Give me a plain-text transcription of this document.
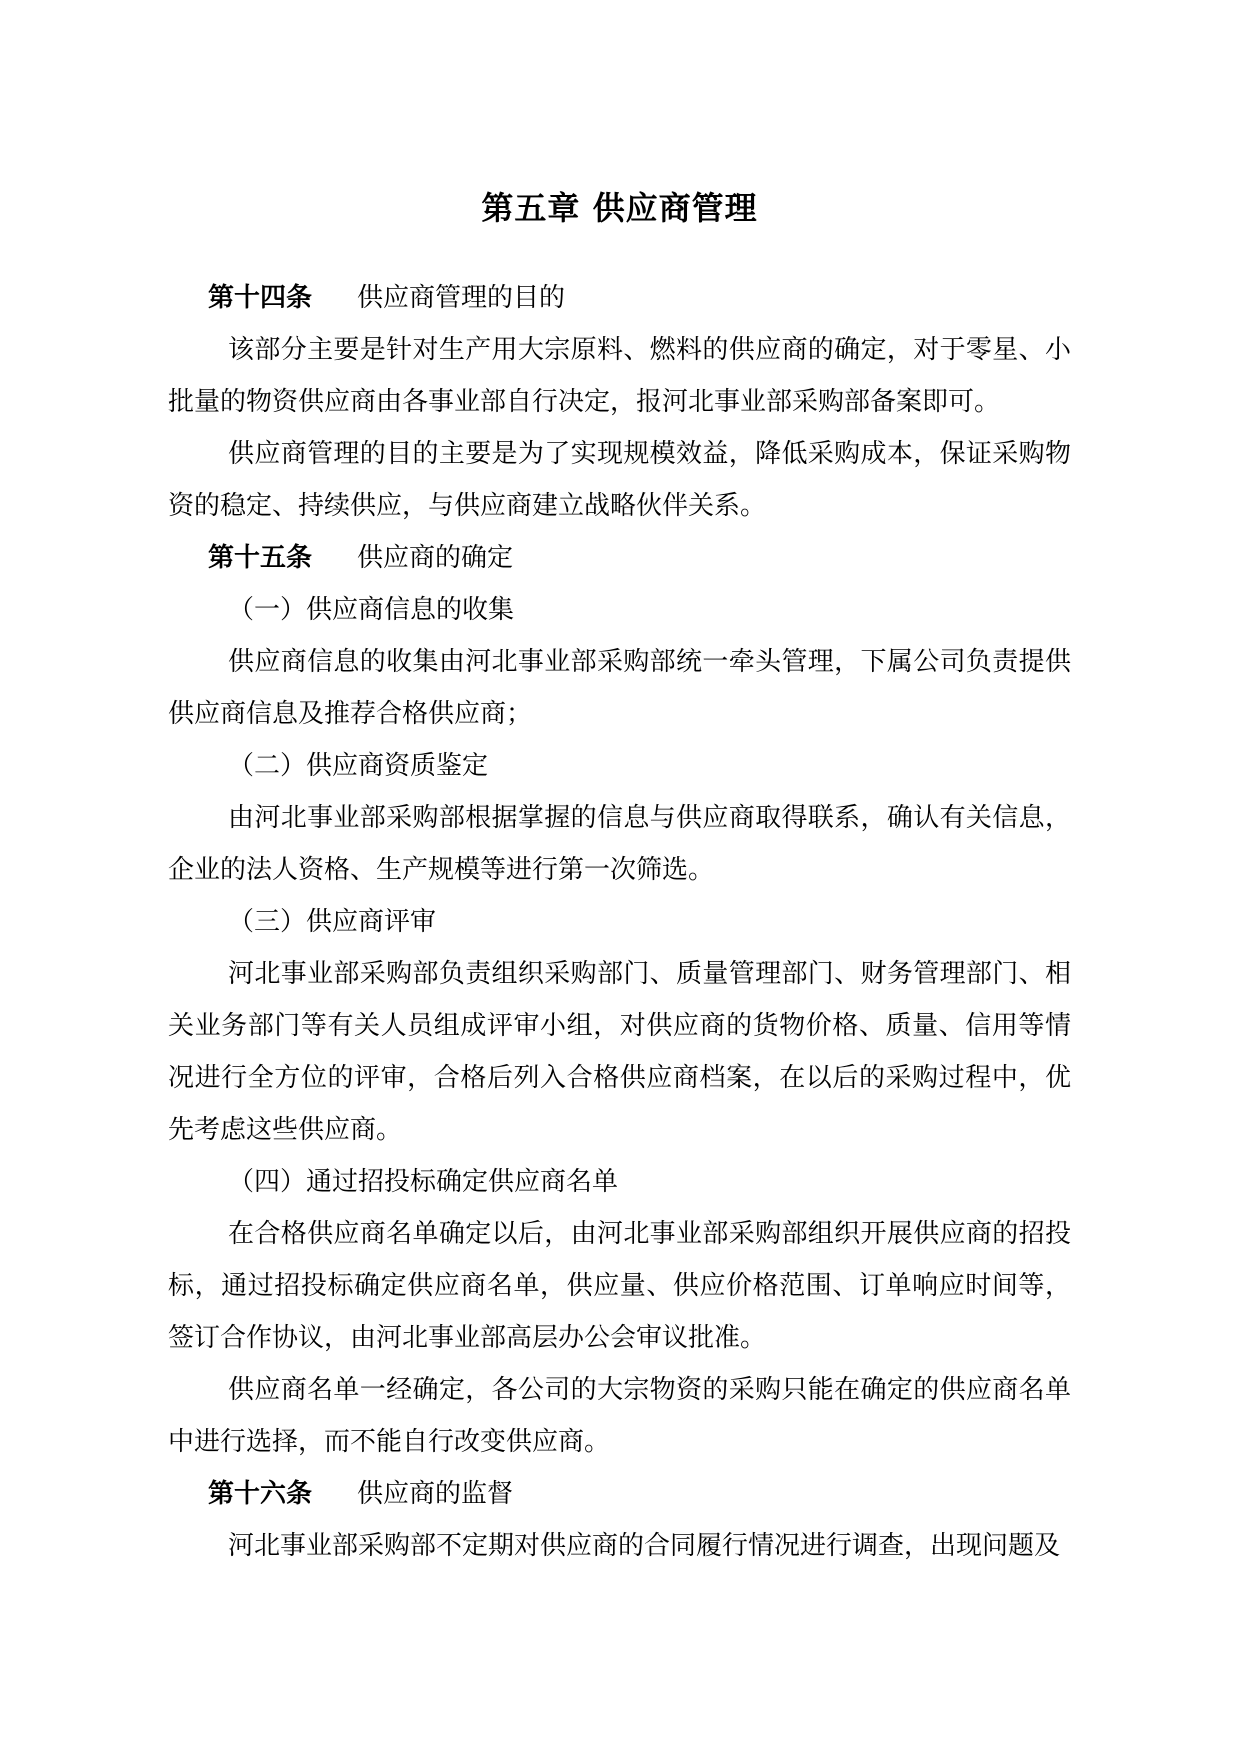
第五章 供应商管理

第十四条 供应商管理的目的

该部分主要是针对生产用大宗原料、燃料的供应商的确定，对于零星、小批量的物资供应商由各事业部自行决定，报河北事业部采购部备案即可。

供应商管理的目的主要是为了实现规模效益，降低采购成本，保证采购物资的稳定、持续供应，与供应商建立战略伙伴关系。

第十五条 供应商的确定

（一）供应商信息的收集

供应商信息的收集由河北事业部采购部统一牵头管理，下属公司负责提供供应商信息及推荐合格供应商；

（二）供应商资质鉴定

由河北事业部采购部根据掌握的信息与供应商取得联系，确认有关信息，企业的法人资格、生产规模等进行第一次筛选。

（三）供应商评审

河北事业部采购部负责组织采购部门、质量管理部门、财务管理部门、相关业务部门等有关人员组成评审小组，对供应商的货物价格、质量、信用等情况进行全方位的评审，合格后列入合格供应商档案，在以后的采购过程中，优先考虑这些供应商。

（四）通过招投标确定供应商名单

在合格供应商名单确定以后，由河北事业部采购部组织开展供应商的招投标，通过招投标确定供应商名单，供应量、供应价格范围、订单响应时间等，签订合作协议，由河北事业部高层办公会审议批准。

供应商名单一经确定，各公司的大宗物资的采购只能在确定的供应商名单中进行选择，而不能自行改变供应商。

第十六条 供应商的监督

河北事业部采购部不定期对供应商的合同履行情况进行调查，出现问题及
